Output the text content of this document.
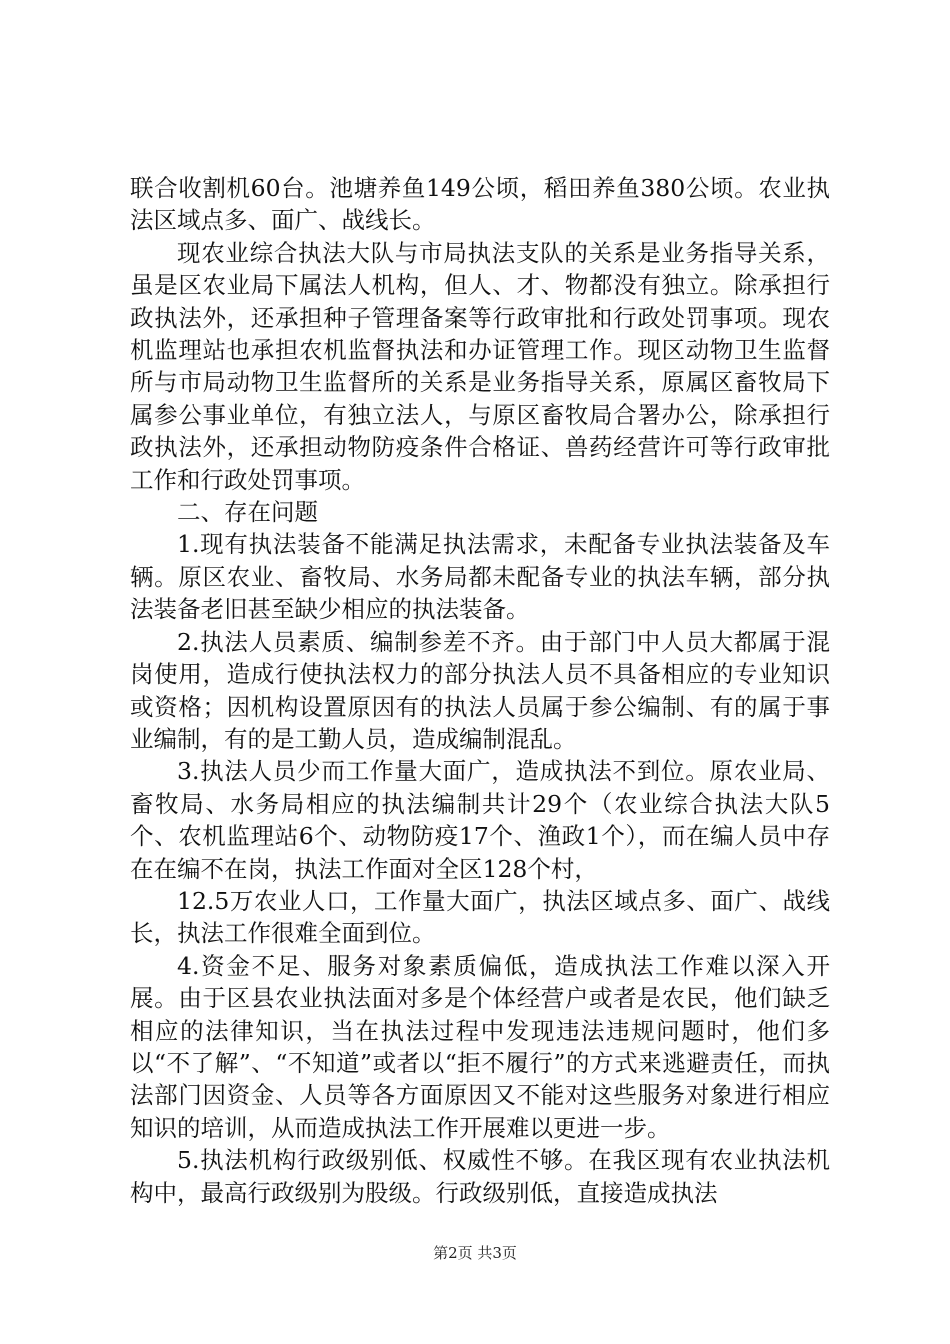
联合收割机60台。池塘养鱼149公顷，稻田养鱼380公顷。农业执法区域点多、面广、战线长。

现农业综合执法大队与市局执法支队的关系是业务指导关系，虽是区农业局下属法人机构，但人、才、物都没有独立。除承担行政执法外，还承担种子管理备案等行政审批和行政处罚事项。现农机监理站也承担农机监督执法和办证管理工作。现区动物卫生监督所与市局动物卫生监督所的关系是业务指导关系，原属区畜牧局下属参公事业单位，有独立法人，与原区畜牧局合署办公，除承担行政执法外，还承担动物防疫条件合格证、兽药经营许可等行政审批工作和行政处罚事项。

二、存在问题

1.现有执法装备不能满足执法需求，未配备专业执法装备及车辆。原区农业、畜牧局、水务局都未配备专业的执法车辆，部分执法装备老旧甚至缺少相应的执法装备。

2.执法人员素质、编制参差不齐。由于部门中人员大都属于混岗使用，造成行使执法权力的部分执法人员不具备相应的专业知识或资格；因机构设置原因有的执法人员属于参公编制、有的属于事业编制，有的是工勤人员，造成编制混乱。

3.执法人员少而工作量大面广，造成执法不到位。原农业局、畜牧局、水务局相应的执法编制共计29个（农业综合执法大队5个、农机监理站6个、动物防疫17个、渔政1个），而在编人员中存在在编不在岗，执法工作面对全区128个村，

12.5万农业人口，工作量大面广，执法区域点多、面广、战线长，执法工作很难全面到位。

4.资金不足、服务对象素质偏低，造成执法工作难以深入开展。由于区县农业执法面对多是个体经营户或者是农民，他们缺乏相应的法律知识，当在执法过程中发现违法违规问题时，他们多以“不了解”、“不知道”或者以“拒不履行”的方式来逃避责任，而执法部门因资金、人员等各方面原因又不能对这些服务对象进行相应知识的培训，从而造成执法工作开展难以更进一步。

5.执法机构行政级别低、权威性不够。在我区现有农业执法机构中，最高行政级别为股级。行政级别低，直接造成执法

第2页 共3页
